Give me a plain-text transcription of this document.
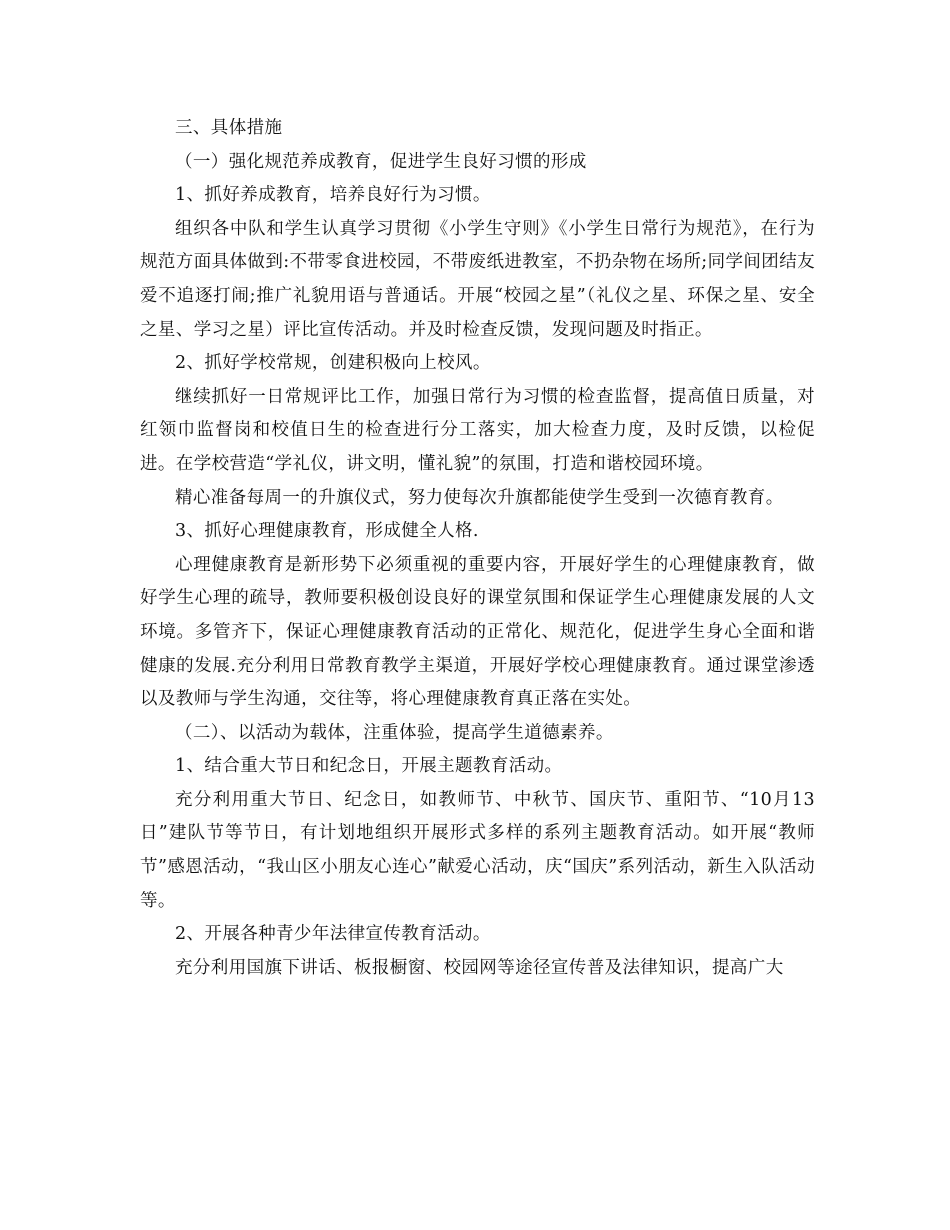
三、具体措施

（一）强化规范养成教育，促进学生良好习惯的形成

1、抓好养成教育，培养良好行为习惯。

组织各中队和学生认真学习贯彻《小学生守则》《小学生日常行为规范》，在行为规范方面具体做到:不带零食进校园，不带废纸进教室，不扔杂物在场所;同学间团结友爱不追逐打闹;推广礼貌用语与普通话。开展“校园之星”（礼仪之星、环保之星、安全之星、学习之星）评比宣传活动。并及时检查反馈，发现问题及时指正。

2、抓好学校常规，创建积极向上校风。

继续抓好一日常规评比工作，加强日常行为习惯的检查监督，提高值日质量，对红领巾监督岗和校值日生的检查进行分工落实，加大检查力度，及时反馈，以检促进。在学校营造“学礼仪，讲文明，懂礼貌”的氛围，打造和谐校园环境。

精心准备每周一的升旗仪式，努力使每次升旗都能使学生受到一次德育教育。

3、抓好心理健康教育，形成健全人格.

心理健康教育是新形势下必须重视的重要内容，开展好学生的心理健康教育，做好学生心理的疏导，教师要积极创设良好的课堂氛围和保证学生心理健康发展的人文环境。多管齐下，保证心理健康教育活动的正常化、规范化，促进学生身心全面和谐健康的发展.充分利用日常教育教学主渠道，开展好学校心理健康教育。通过课堂渗透以及教师与学生沟通，交往等，将心理健康教育真正落在实处。

（二）、以活动为载体，注重体验，提高学生道德素养。

1、结合重大节日和纪念日，开展主题教育活动。

充分利用重大节日、纪念日，如教师节、中秋节、国庆节、重阳节、“10月13日”建队节等节日，有计划地组织开展形式多样的系列主题教育活动。如开展“教师节”感恩活动，“我山区小朋友心连心”献爱心活动，庆“国庆”系列活动，新生入队活动等。

2、开展各种青少年法律宣传教育活动。

充分利用国旗下讲话、板报橱窗、校园网等途径宣传普及法律知识，提高广大
